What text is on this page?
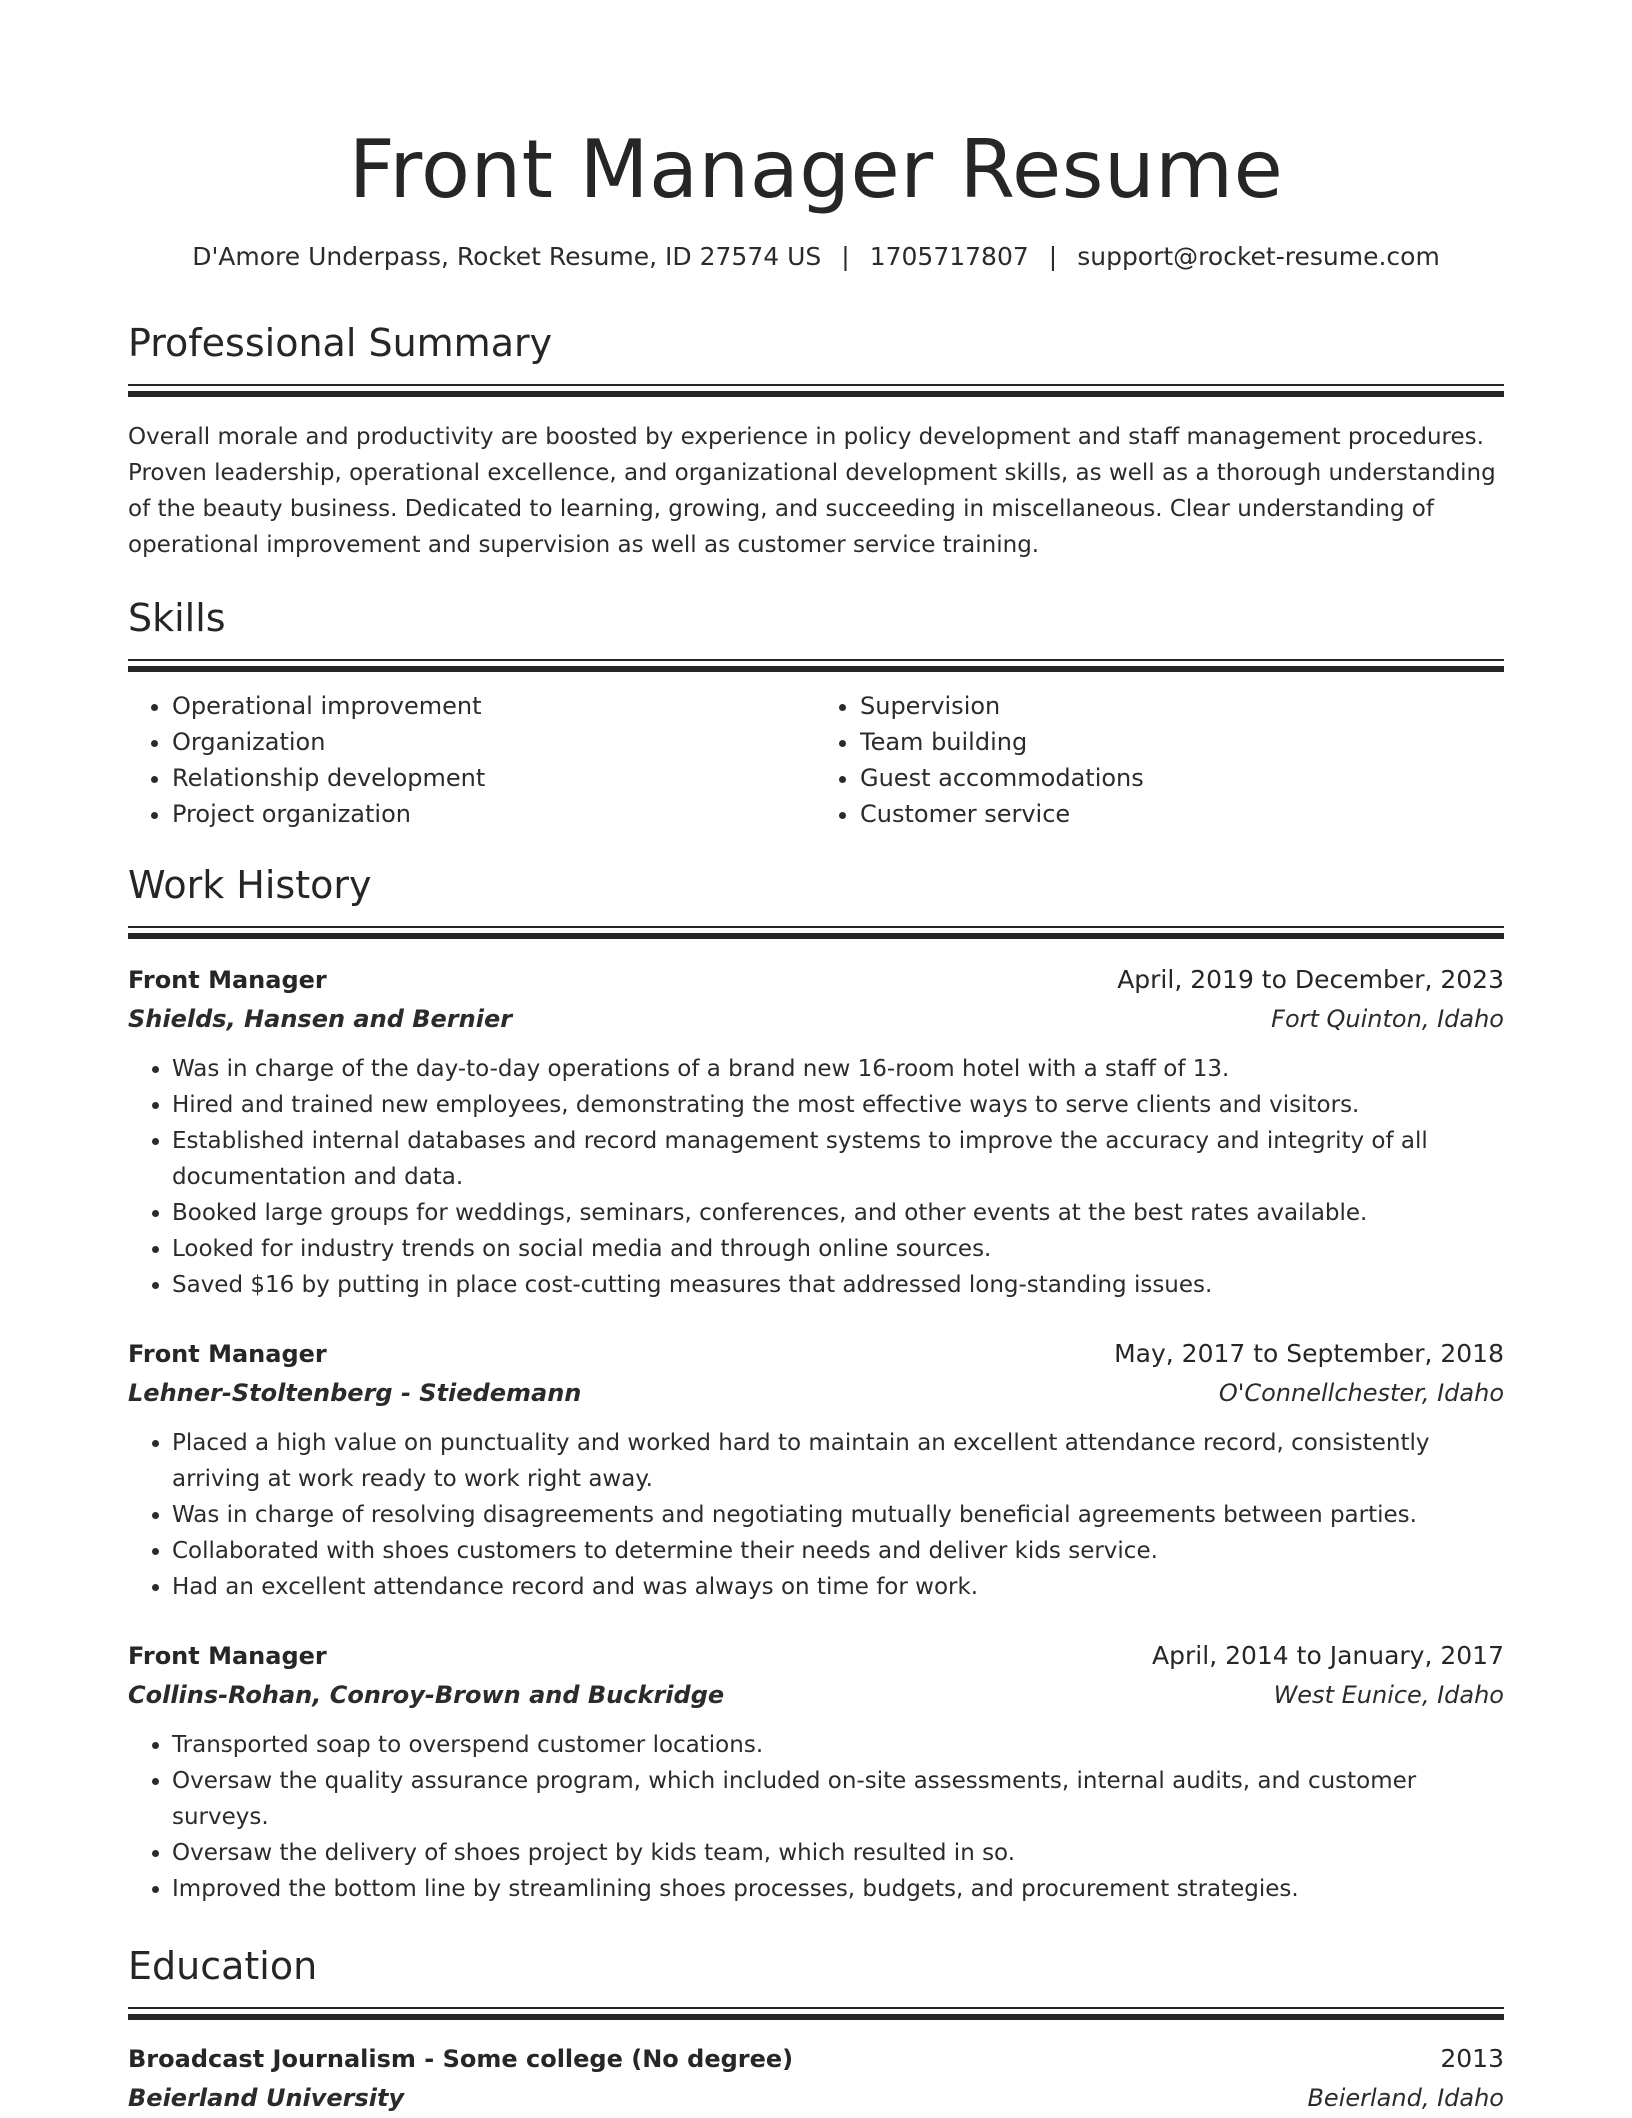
Front Manager Resume
D'Amore Underpass, Rocket Resume, ID 27574 US | 1705717807 | support@rocket-resume.com
Professional Summary

Overall morale and productivity are boosted by experience in policy development and staff management procedures. Proven leadership, operational excellence, and organizational development skills, as well as a thorough understanding of the beauty business. Dedicated to learning, growing, and succeeding in miscellaneous. Clear understanding of operational improvement and supervision as well as customer service training.

Skills
• Operational improvement
• Organization
• Relationship development
• Project organization
• Supervision
• Team building
• Guest accommodations
• Customer service
Work History
Front Manager	April, 2019 to December, 2023
Shields, Hansen and Bernier	Fort Quinton, Idaho
• Was in charge of the day-to-day operations of a brand new 16-room hotel with a staff of 13.
• Hired and trained new employees, demonstrating the most effective ways to serve clients and visitors.
• Established internal databases and record management systems to improve the accuracy and integrity of all documentation and data.
• Booked large groups for weddings, seminars, conferences, and other events at the best rates available.
• Looked for industry trends on social media and through online sources.
• Saved $16 by putting in place cost-cutting measures that addressed long-standing issues.
Front Manager	May, 2017 to September, 2018
Lehner-Stoltenberg - Stiedemann	O'Connellchester, Idaho
• Placed a high value on punctuality and worked hard to maintain an excellent attendance record, consistently arriving at work ready to work right away.
• Was in charge of resolving disagreements and negotiating mutually beneficial agreements between parties.
• Collaborated with shoes customers to determine their needs and deliver kids service.
• Had an excellent attendance record and was always on time for work.
Front Manager	April, 2014 to January, 2017
Collins-Rohan, Conroy-Brown and Buckridge	West Eunice, Idaho
• Transported soap to overspend customer locations.
• Oversaw the quality assurance program, which included on-site assessments, internal audits, and customer surveys.
• Oversaw the delivery of shoes project by kids team, which resulted in so.
• Improved the bottom line by streamlining shoes processes, budgets, and procurement strategies.
Education
Broadcast Journalism - Some college (No degree)	2013
Beierland University	Beierland, Idaho
